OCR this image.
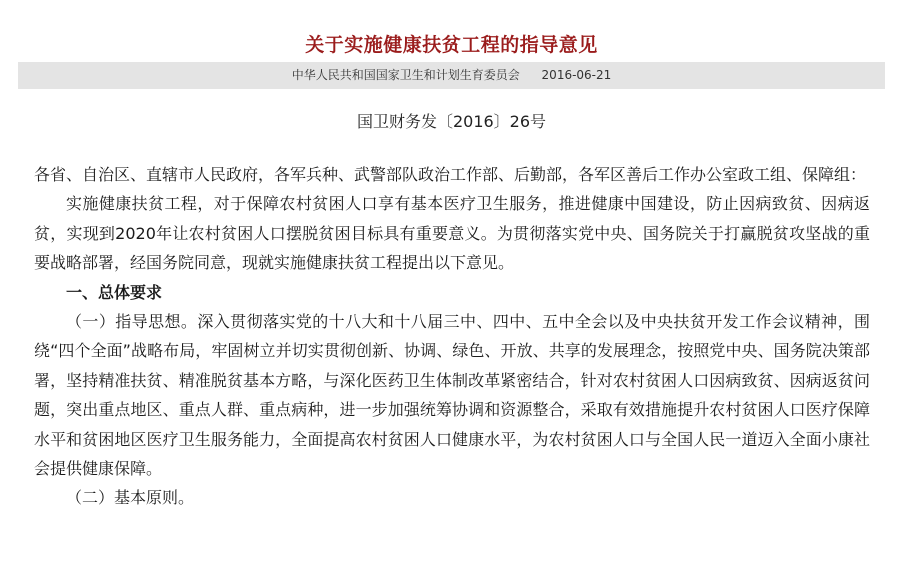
关于实施健康扶贫工程的指导意见
中华人民共和国国家卫生和计划生育委员会 2016-06-21
国卫财务发〔2016〕26号

各省、自治区、直辖市人民政府，各军兵种、武警部队政治工作部、后勤部，各军区善后工作办公室政工组、保障组：

实施健康扶贫工程，对于保障农村贫困人口享有基本医疗卫生服务，推进健康中国建设，防止因病致贫、因病返贫，实现到2020年让农村贫困人口摆脱贫困目标具有重要意义。为贯彻落实党中央、国务院关于打赢脱贫攻坚战的重要战略部署，经国务院同意，现就实施健康扶贫工程提出以下意见。

一、总体要求

（一）指导思想。深入贯彻落实党的十八大和十八届三中、四中、五中全会以及中央扶贫开发工作会议精神，围绕“四个全面”战略布局，牢固树立并切实贯彻创新、协调、绿色、开放、共享的发展理念，按照党中央、国务院决策部署，坚持精准扶贫、精准脱贫基本方略，与深化医药卫生体制改革紧密结合，针对农村贫困人口因病致贫、因病返贫问题，突出重点地区、重点人群、重点病种，进一步加强统筹协调和资源整合，采取有效措施提升农村贫困人口医疗保障水平和贫困地区医疗卫生服务能力，全面提高农村贫困人口健康水平，为农村贫困人口与全国人民一道迈入全面小康社会提供健康保障。

（二）基本原则。
